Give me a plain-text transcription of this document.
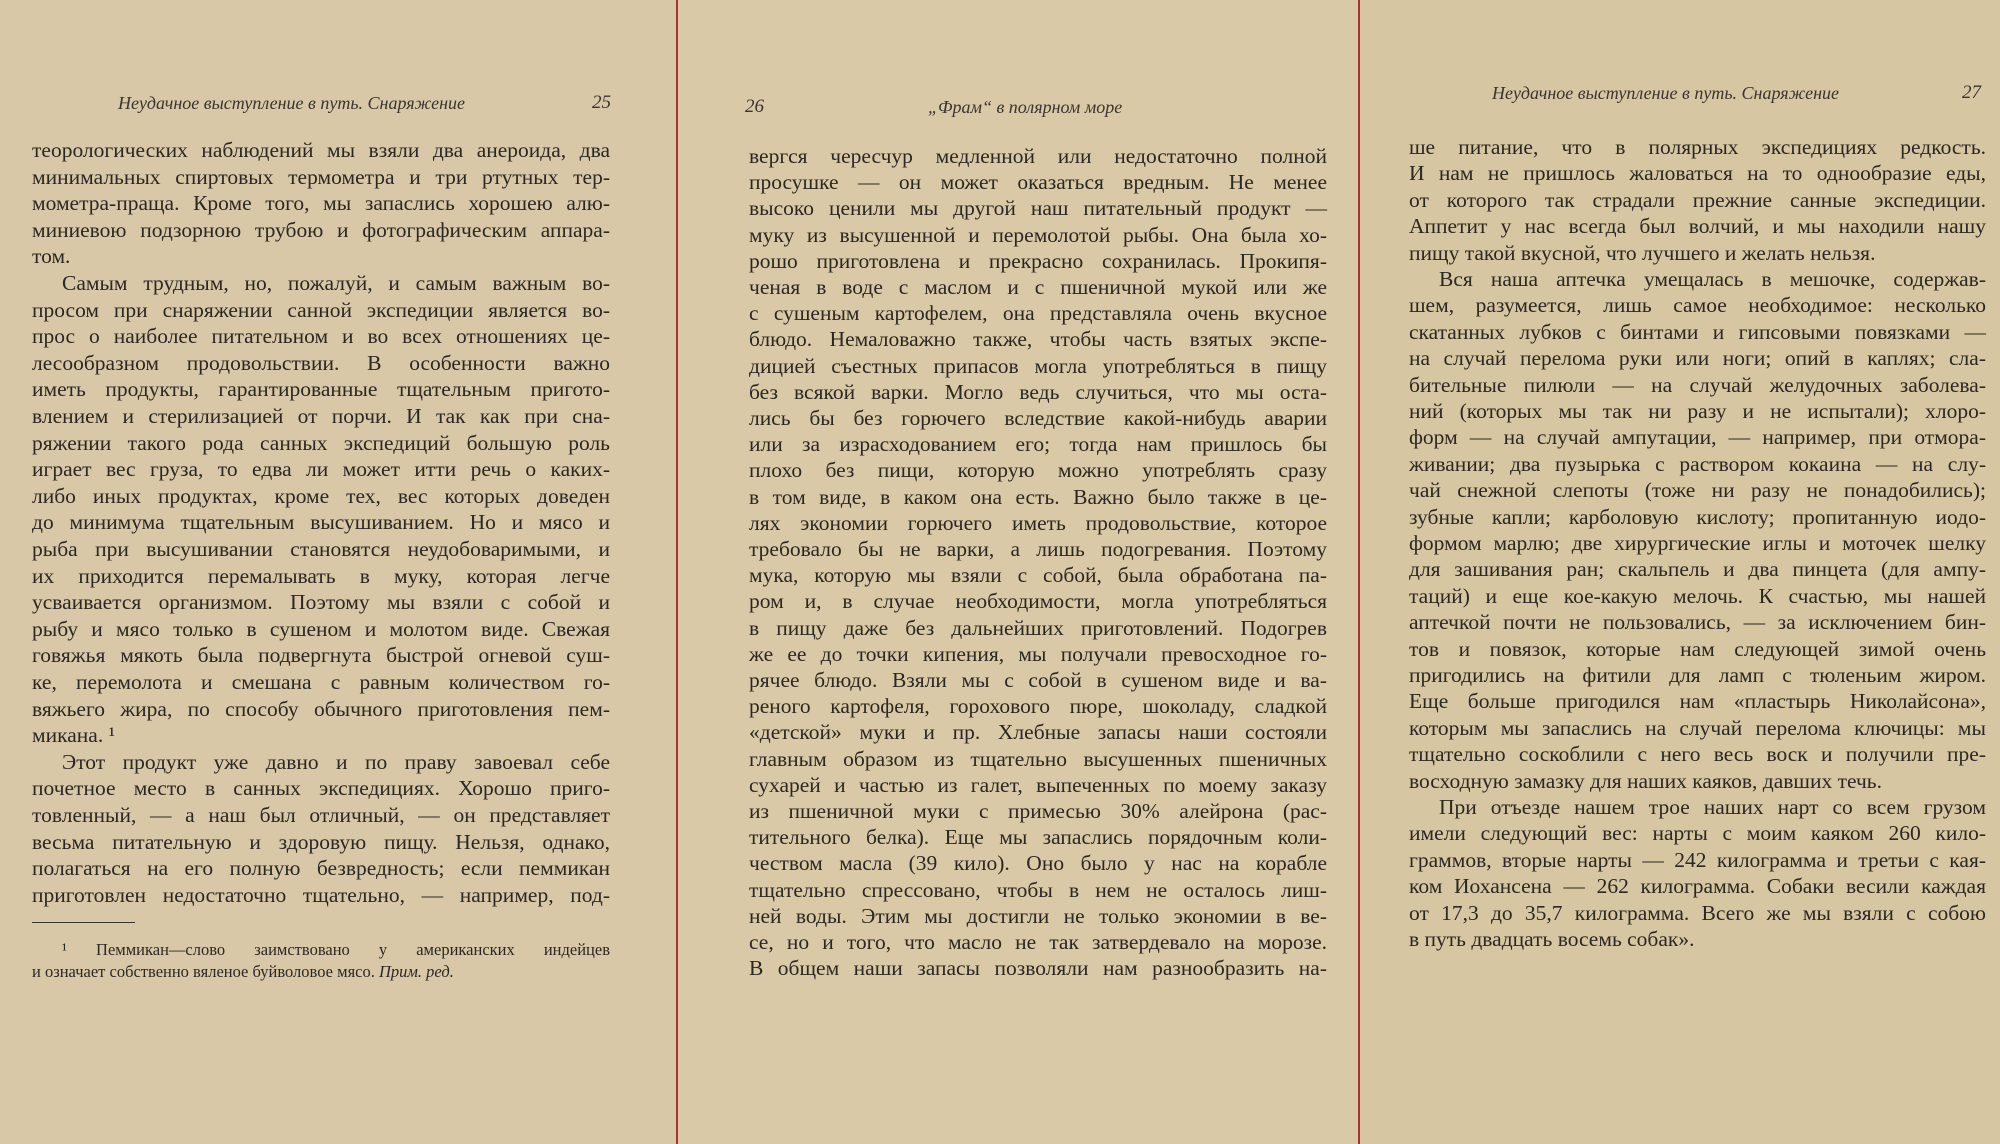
Неудачное выступление в путь. Снаряжение	25
теорологических наблюдений мы взяли два анероида, два
минимальных спиртовых термометра и три ртутных тер-
мометра-праща. Кроме того, мы запаслись хорошею алю-
миниевою подзорною трубою и фотографическим аппара-
том.
Самым трудным, но, пожалуй, и самым важным во-
просом при снаряжении санной экспедиции является во-
прос о наиболее питательном и во всех отношениях це-
лесообразном продовольствии. В особенности важно
иметь продукты, гарантированные тщательным пригото-
влением и стерилизацией от порчи. И так как при сна-
ряжении такого рода санных экспедиций большую роль
играет вес груза, то едва ли может итти речь о каких-
либо иных продуктах, кроме тех, вес которых доведен
до минимума тщательным высушиванием. Но и мясо и
рыба при высушивании становятся неудобоваримыми, и
их приходится перемалывать в муку, которая легче
усваивается организмом. Поэтому мы взяли с собой и
рыбу и мясо только в сушеном и молотом виде. Свежая
говяжья мякоть была подвергнута быстрой огневой суш-
ке, перемолота и смешана с равным количеством го-
вяжьего жира, по способу обычного приготовления пем-
микана. ¹
Этот продукт уже давно и по праву завоевал себе
почетное место в санных экспедициях. Хорошо приго-
товленный, — а наш был отличный, — он представляет
весьма питательную и здоровую пищу. Нельзя, однако,
полагаться на его полную безвредность; если пеммикан
приготовлен недостаточно тщательно, — например, под-
¹ Пеммикан—слово заимствовано у американских индейцев
и означает собственно вяленое буйволовое мясо. Прим. ред.
26	„Фрам“ в полярном море
вергся чересчур медленной или недостаточно полной
просушке — он может оказаться вредным. Не менее
высоко ценили мы другой наш питательный продукт —
муку из высушенной и перемолотой рыбы. Она была хо-
рошо приготовлена и прекрасно сохранилась. Прокипя-
ченая в воде с маслом и с пшеничной мукой или же
с сушеным картофелем, она представляла очень вкусное
блюдо. Немаловажно также, чтобы часть взятых экспе-
дицией съестных припасов могла употребляться в пищу
без всякой варки. Могло ведь случиться, что мы оста-
лись бы без горючего вследствие какой-нибудь аварии
или за израсходованием его; тогда нам пришлось бы
плохо без пищи, которую можно употреблять сразу
в том виде, в каком она есть. Важно было также в це-
лях экономии горючего иметь продовольствие, которое
требовало бы не варки, а лишь подогревания. Поэтому
мука, которую мы взяли с собой, была обработана па-
ром и, в случае необходимости, могла употребляться
в пищу даже без дальнейших приготовлений. Подогрев
же ее до точки кипения, мы получали превосходное го-
рячее блюдо. Взяли мы с собой в сушеном виде и ва-
реного картофеля, горохового пюре, шоколаду, сладкой
«детской» муки и пр. Хлебные запасы наши состояли
главным образом из тщательно высушенных пшеничных
сухарей и частью из галет, выпеченных по моему заказу
из пшеничной муки с примесью 30% алейрона (рас-
тительного белка). Еще мы запаслись порядочным коли-
чеством масла (39 кило). Оно было у нас на корабле
тщательно спрессовано, чтобы в нем не осталось лиш-
ней воды. Этим мы достигли не только экономии в ве-
се, но и того, что масло не так затвердевало на морозе.
В общем наши запасы позволяли нам разнообразить на-
Неудачное выступление в путь. Снаряжение	27
ше питание, что в полярных экспедициях редкость.
И нам не пришлось жаловаться на то однообразие еды,
от которого так страдали прежние санные экспедиции.
Аппетит у нас всегда был волчий, и мы находили нашу
пищу такой вкусной, что лучшего и желать нельзя.
Вся наша аптечка умещалась в мешочке, содержав-
шем, разумеется, лишь самое необходимое: несколько
скатанных лубков с бинтами и гипсовыми повязками —
на случай перелома руки или ноги; опий в каплях; сла-
бительные пилюли — на случай желудочных заболева-
ний (которых мы так ни разу и не испытали); хлоро-
форм — на случай ампутации, — например, при отмора-
живании; два пузырька с раствором кокаина — на слу-
чай снежной слепоты (тоже ни разу не понадобились);
зубные капли; карболовую кислоту; пропитанную иодо-
формом марлю; две хирургические иглы и моточек шелку
для зашивания ран; скальпель и два пинцета (для ампу-
таций) и еще кое-какую мелочь. К счастью, мы нашей
аптечкой почти не пользовались, — за исключением бин-
тов и повязок, которые нам следующей зимой очень
пригодились на фитили для ламп с тюленьим жиром.
Еще больше пригодился нам «пластырь Николайсона»,
которым мы запаслись на случай перелома ключицы: мы
тщательно соскоблили с него весь воск и получили пре-
восходную замазку для наших каяков, давших течь.
При отъезде нашем трое наших нарт со всем грузом
имели следующий вес: нарты с моим каяком 260 кило-
граммов, вторые нарты — 242 килограмма и третьи с кая-
ком Иохансена — 262 килограмма. Собаки весили каждая
от 17,3 до 35,7 килограмма. Всего же мы взяли с собою
в путь двадцать восемь собак».
